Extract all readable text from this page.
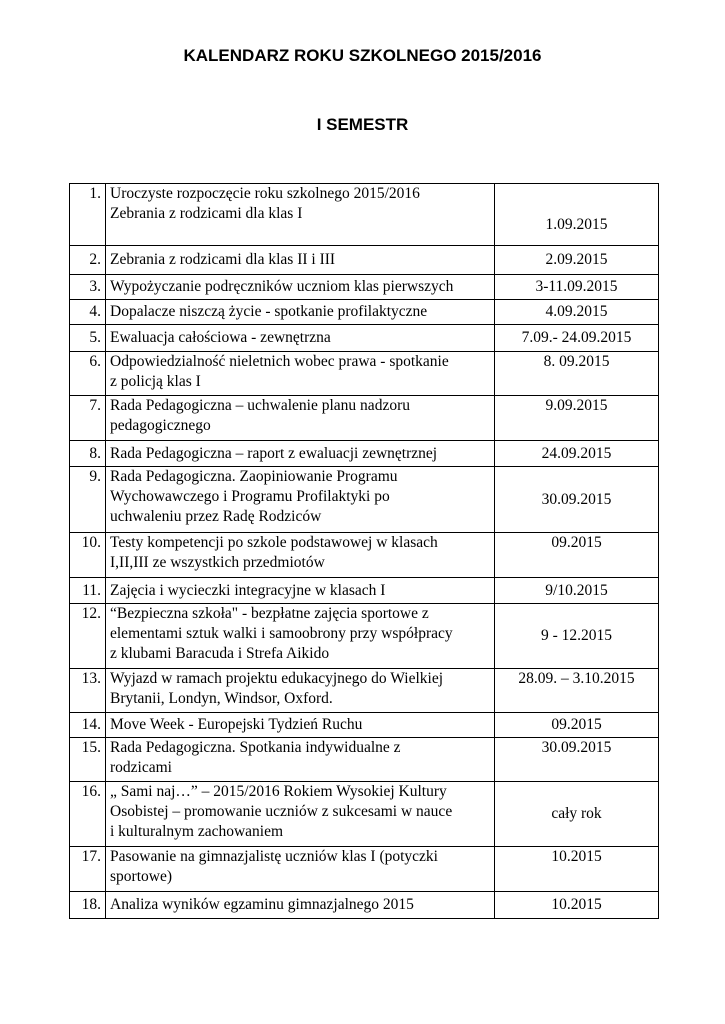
KALENDARZ ROKU SZKOLNEGO 2015/2016
I SEMESTR
1.	Uroczyste rozpoczęcie roku szkolnego 2015/2016
Zebrania z rodzicami dla klas I	1.09.2015
2.	Zebrania z rodzicami dla klas II i III	2.09.2015
3.	Wypożyczanie podręczników uczniom klas pierwszych	3-11.09.2015
4.	Dopalacze niszczą życie - spotkanie profilaktyczne	4.09.2015
5.	Ewaluacja całościowa - zewnętrzna	7.09.- 24.09.2015
6.	Odpowiedzialność nieletnich wobec prawa - spotkanie
z policją klas I	8. 09.2015
7.	Rada Pedagogiczna – uchwalenie planu nadzoru
pedagogicznego	9.09.2015
8.	Rada Pedagogiczna – raport z ewaluacji zewnętrznej	24.09.2015
9.	Rada Pedagogiczna. Zaopiniowanie Programu
Wychowawczego i Programu Profilaktyki po
uchwaleniu przez Radę Rodziców	30.09.2015
10.	Testy kompetencji po szkole podstawowej w klasach
I,II,III ze wszystkich przedmiotów	09.2015
11.	Zajęcia i wycieczki integracyjne w klasach I	9/10.2015
12.	“Bezpieczna szkoła" - bezpłatne zajęcia sportowe z
elementami sztuk walki i samoobrony przy współpracy
z klubami Baracuda i Strefa Aikido	9 - 12.2015
13.	Wyjazd w ramach projektu edukacyjnego do Wielkiej
Brytanii, Londyn, Windsor, Oxford.	28.09. – 3.10.2015
14.	Move Week - Europejski Tydzień Ruchu	09.2015
15.	Rada Pedagogiczna. Spotkania indywidualne z
rodzicami	30.09.2015
16.	„ Sami naj…” – 2015/2016 Rokiem Wysokiej Kultury
Osobistej – promowanie uczniów z sukcesami w nauce
i kulturalnym zachowaniem	cały rok
17.	Pasowanie na gimnazjalistę uczniów klas I (potyczki
sportowe)	10.2015
18.	Analiza wyników egzaminu gimnazjalnego 2015	10.2015
